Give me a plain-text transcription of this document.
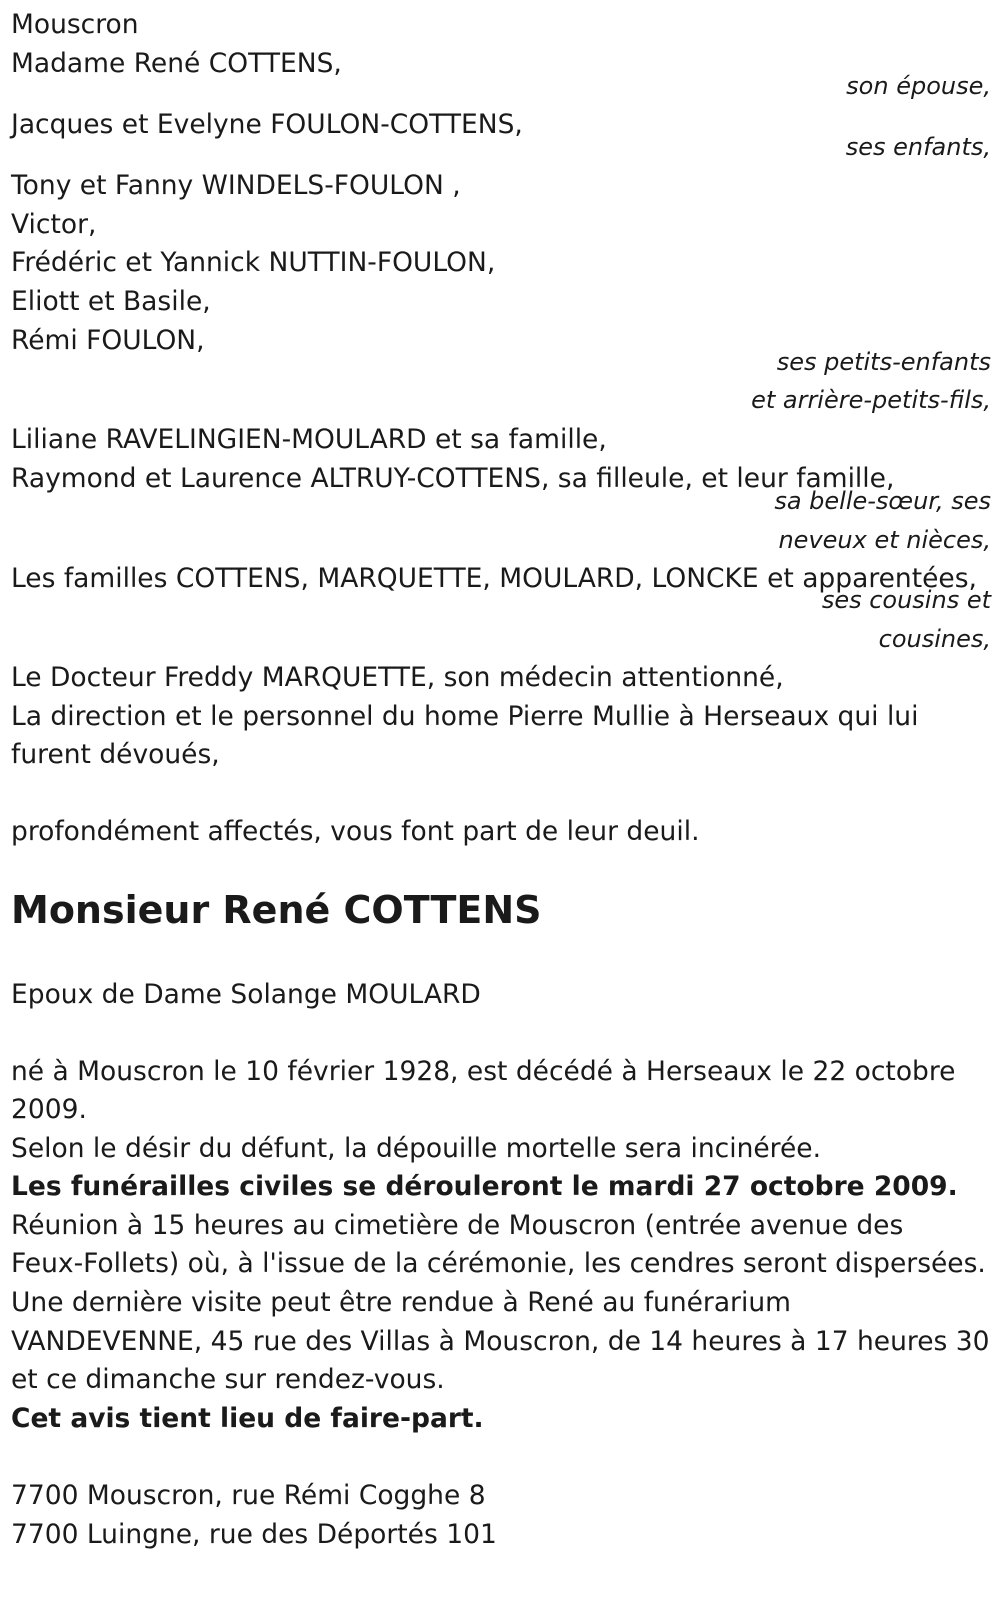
Mouscron
Madame René COTTENS,
son épouse,
Jacques et Evelyne FOULON-COTTENS,
ses enfants,
Tony et Fanny WINDELS-FOULON ,
Victor,
Frédéric et Yannick NUTTIN-FOULON,
Eliott et Basile,
Rémi FOULON,
ses petits-enfants
et arrière-petits-fils,
Liliane RAVELINGIEN-MOULARD et sa famille,
Raymond et Laurence ALTRUY-COTTENS, sa filleule, et leur famille,
sa belle-sœur, ses
neveux et nièces,
Les familles COTTENS, MARQUETTE, MOULARD, LONCKE et apparentées,
ses cousins et
cousines,
Le Docteur Freddy MARQUETTE, son médecin attentionné,
La direction et le personnel du home Pierre Mullie à Herseaux qui lui
furent dévoués,
profondément affectés, vous font part de leur deuil.
Monsieur René COTTENS
Epoux de Dame Solange MOULARD
né à Mouscron le 10 février 1928, est décédé à Herseaux le 22 octobre
2009.
Selon le désir du défunt, la dépouille mortelle sera incinérée.
Les funérailles civiles se dérouleront le mardi 27 octobre 2009.
Réunion à 15 heures au cimetière de Mouscron (entrée avenue des
Feux-Follets) où, à l'issue de la cérémonie, les cendres seront dispersées.
Une dernière visite peut être rendue à René au funérarium
VANDEVENNE, 45 rue des Villas à Mouscron, de 14 heures à 17 heures 30
et ce dimanche sur rendez-vous.
Cet avis tient lieu de faire-part.
7700 Mouscron, rue Rémi Cogghe 8
7700 Luingne, rue des Déportés 101
